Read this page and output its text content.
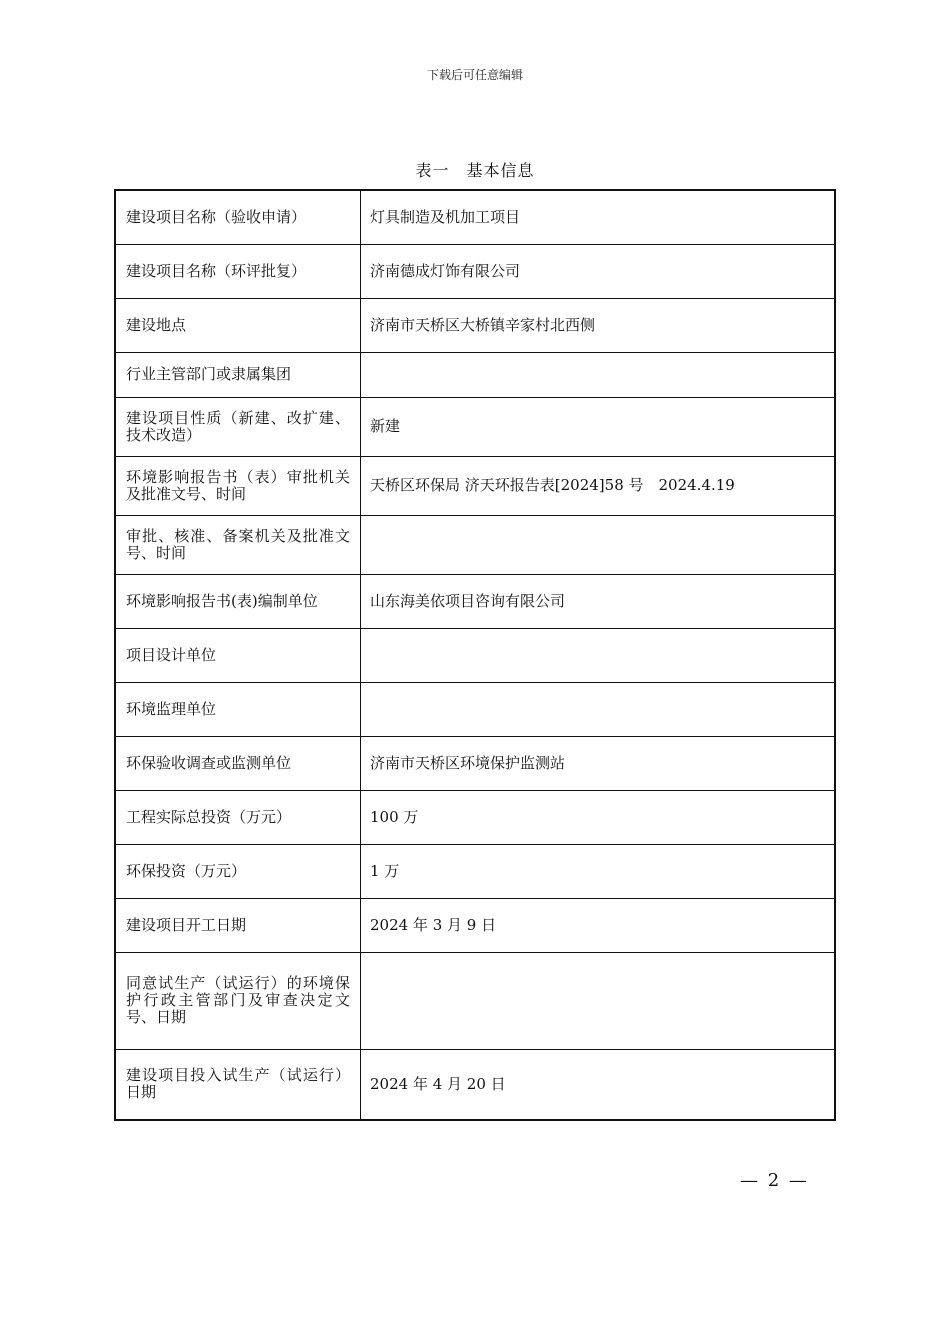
下载后可任意编辑
表一　基本信息
建设项目名称（验收申请）	灯具制造及机加工项目
建设项目名称（环评批复）	济南德成灯饰有限公司
建设地点	济南市天桥区大桥镇辛家村北西侧
行业主管部门或隶属集团	
建设项目性质（新建、改扩建、技术改造）	新建
环境影响报告书（表）审批机关及批准文号、时间	天桥区环保局 济天环报告表[2024]58 号　2024.4.19
审批、核准、备案机关及批准文号、时间	
环境影响报告书(表)编制单位	山东海美依项目咨询有限公司
项目设计单位	
环境监理单位	
环保验收调查或监测单位	济南市天桥区环境保护监测站
工程实际总投资（万元）	100 万
环保投资（万元）	1 万
建设项目开工日期	2024 年 3 月 9 日
同意试生产（试运行）的环境保护行政主管部门及审查决定文号、日期	
建设项目投入试生产（试运行）日期	2024 年 4 月 20 日
— 2 —
